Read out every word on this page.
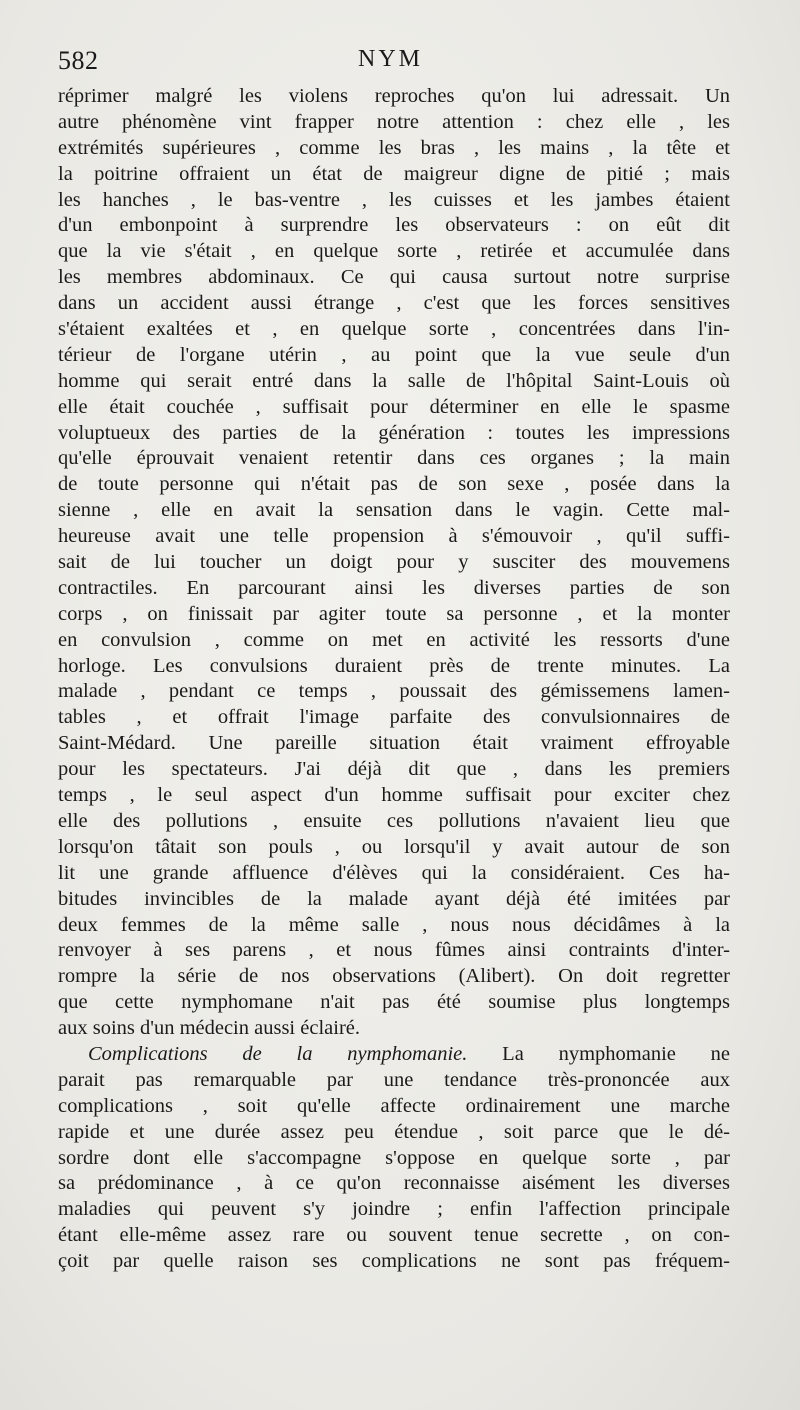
582	NYM
réprimer malgré les violens reproches qu'on lui adressait. Un
autre phénomène vint frapper notre attention : chez elle , les
extrémités supérieures , comme les bras , les mains , la tête et
la poitrine offraient un état de maigreur digne de pitié ; mais
les hanches , le bas-ventre , les cuisses et les jambes étaient
d'un embonpoint à surprendre les observateurs : on eût dit
que la vie s'était , en quelque sorte , retirée et accumulée dans
les membres abdominaux. Ce qui causa surtout notre surprise
dans un accident aussi étrange , c'est que les forces sensitives
s'étaient exaltées et , en quelque sorte , concentrées dans l'in-
térieur de l'organe utérin , au point que la vue seule d'un
homme qui serait entré dans la salle de l'hôpital Saint-Louis où
elle était couchée , suffisait pour déterminer en elle le spasme
voluptueux des parties de la génération : toutes les impressions
qu'elle éprouvait venaient retentir dans ces organes ; la main
de toute personne qui n'était pas de son sexe , posée dans la
sienne , elle en avait la sensation dans le vagin. Cette mal-
heureuse avait une telle propension à s'émouvoir , qu'il suffi-
sait de lui toucher un doigt pour y susciter des mouvemens
contractiles. En parcourant ainsi les diverses parties de son
corps , on finissait par agiter toute sa personne , et la monter
en convulsion , comme on met en activité les ressorts d'une
horloge. Les convulsions duraient près de trente minutes. La
malade , pendant ce temps , poussait des gémissemens lamen-
tables , et offrait l'image parfaite des convulsionnaires de
Saint-Médard. Une pareille situation était vraiment effroyable
pour les spectateurs. J'ai déjà dit que , dans les premiers
temps , le seul aspect d'un homme suffisait pour exciter chez
elle des pollutions , ensuite ces pollutions n'avaient lieu que
lorsqu'on tâtait son pouls , ou lorsqu'il y avait autour de son
lit une grande affluence d'élèves qui la considéraient. Ces ha-
bitudes invincibles de la malade ayant déjà été imitées par
deux femmes de la même salle , nous nous décidâmes à la
renvoyer à ses parens , et nous fûmes ainsi contraints d'inter-
rompre la série de nos observations (Alibert). On doit regretter
que cette nymphomane n'ait pas été soumise plus longtemps
aux soins d'un médecin aussi éclairé.
Complications de la nymphomanie. La nymphomanie ne
parait pas remarquable par une tendance très-prononcée aux
complications , soit qu'elle affecte ordinairement une marche
rapide et une durée assez peu étendue , soit parce que le dé-
sordre dont elle s'accompagne s'oppose en quelque sorte , par
sa prédominance , à ce qu'on reconnaisse aisément les diverses
maladies qui peuvent s'y joindre ; enfin l'affection principale
étant elle-même assez rare ou souvent tenue secrette , on con-
çoit par quelle raison ses complications ne sont pas fréquem-
